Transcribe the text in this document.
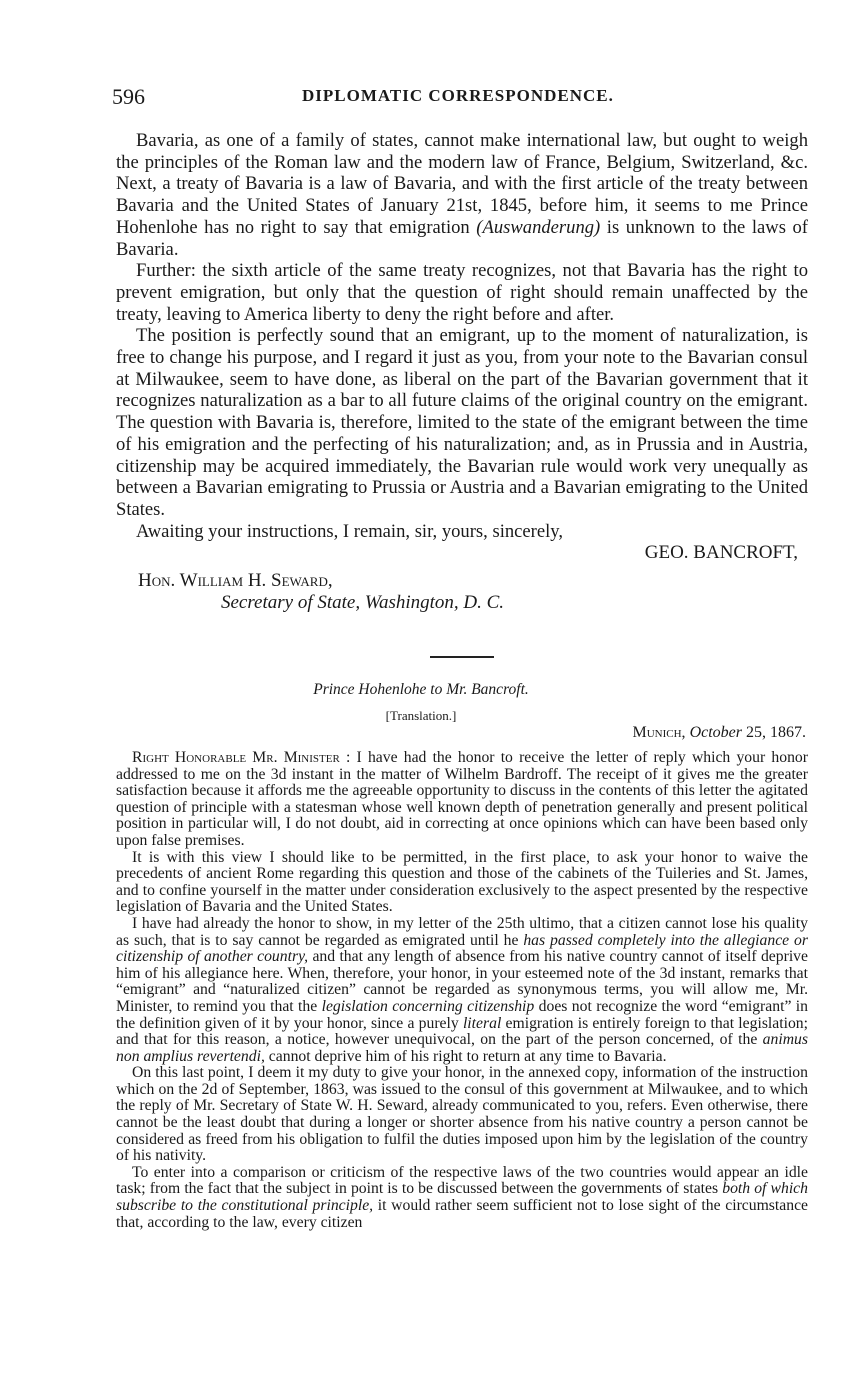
596	DIPLOMATIC CORRESPONDENCE.

Bavaria, as one of a family of states, cannot make international law, but ought to weigh the principles of the Roman law and the modern law of France, Belgium, Switzerland, &c. Next, a treaty of Bavaria is a law of Bavaria, and with the first article of the treaty between Bavaria and the United States of January 21st, 1845, before him, it seems to me Prince Hohenlohe has no right to say that emigration (Auswanderung) is unknown to the laws of Bavaria.

Further: the sixth article of the same treaty recognizes, not that Bavaria has the right to prevent emigration, but only that the question of right should remain unaffected by the treaty, leaving to America liberty to deny the right before and after.

The position is perfectly sound that an emigrant, up to the moment of naturalization, is free to change his purpose, and I regard it just as you, from your note to the Bavarian consul at Milwaukee, seem to have done, as liberal on the part of the Bavarian government that it recognizes naturalization as a bar to all future claims of the original country on the emigrant. The question with Bavaria is, therefore, limited to the state of the emigrant between the time of his emigration and the perfecting of his naturalization; and, as in Prussia and in Austria, citizenship may be acquired immediately, the Bavarian rule would work very unequally as between a Bavarian emigrating to Prussia or Austria and a Bavarian emigrating to the United States.

Awaiting your instructions, I remain, sir, yours, sincerely,

GEO. BANCROFT,
Hon. William H. Seward,
Secretary of State, Washington, D. C.
Prince Hohenlohe to Mr. Bancroft.
[Translation.]
Munich, October 25, 1867.

Right Honorable Mr. Minister : I have had the honor to receive the letter of reply which your honor addressed to me on the 3d instant in the matter of Wilhelm Bardroff. The receipt of it gives me the greater satisfaction because it affords me the agreeable opportunity to discuss in the contents of this letter the agitated question of principle with a statesman whose well known depth of penetration generally and present political position in particular will, I do not doubt, aid in correcting at once opinions which can have been based only upon false premises.

It is with this view I should like to be permitted, in the first place, to ask your honor to waive the precedents of ancient Rome regarding this question and those of the cabinets of the Tuileries and St. James, and to confine yourself in the matter under consideration exclusively to the aspect presented by the respective legislation of Bavaria and the United States.

I have had already the honor to show, in my letter of the 25th ultimo, that a citizen cannot lose his quality as such, that is to say cannot be regarded as emigrated until he has passed completely into the allegiance or citizenship of another country, and that any length of absence from his native country cannot of itself deprive him of his allegiance here. When, therefore, your honor, in your esteemed note of the 3d instant, remarks that “emigrant” and “naturalized citizen” cannot be regarded as synonymous terms, you will allow me, Mr. Minister, to remind you that the legislation concerning citizenship does not recognize the word “emigrant” in the definition given of it by your honor, since a purely literal emigration is entirely foreign to that legislation; and that for this reason, a notice, however unequivocal, on the part of the person concerned, of the animus non amplius revertendi, cannot deprive him of his right to return at any time to Bavaria.

On this last point, I deem it my duty to give your honor, in the annexed copy, information of the instruction which on the 2d of September, 1863, was issued to the consul of this government at Milwaukee, and to which the reply of Mr. Secretary of State W. H. Seward, already communicated to you, refers. Even otherwise, there cannot be the least doubt that during a longer or shorter absence from his native country a person cannot be considered as freed from his obligation to fulfil the duties imposed upon him by the legislation of the country of his nativity.

To enter into a comparison or criticism of the respective laws of the two countries would appear an idle task; from the fact that the subject in point is to be discussed between the governments of states both of which subscribe to the constitutional principle, it would rather seem sufficient not to lose sight of the circumstance that, according to the law, every citizen
